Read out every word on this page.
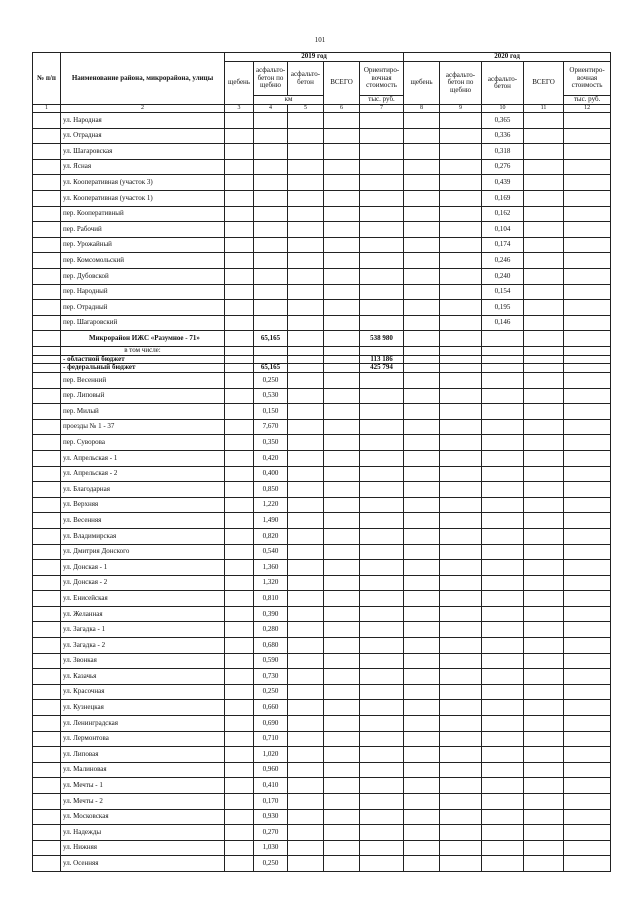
101
№ п/п	Наименование района, микрорайона, улицы	2019 год					2020 год				
		щебень	асфальто-бетон по щебню	асфальто-бетон	ВСЕГО	Ориентиро-вочная стоимость	щебень	асфальто-бетон по щебню	асфальто-бетон	ВСЕГО	Ориентиро-вочная стоимость
			км			тыс. руб.					тыс. руб.
1	2	3	4	5	6	7	8	9	10	11	12
	ул. Народная								0,365		
	ул. Отрадная								0,336		
	ул. Шагаровская								0,318		
	ул. Ясная								0,276		
	ул. Кооперативная (участок 3)								0,439		
	ул. Кооперативная (участок 1)								0,169		
	пер. Кооперативный								0,162		
	пер. Рабочий								0,104		
	пер. Урожайный								0,174		
	пер. Комсомольский								0,246		
	пер. Дубовской								0,240		
	пер. Народный								0,154		
	пер. Отрадный								0,195		
	пер. Шагаровский								0,146		
	Микрорайон ИЖС «Разумное - 71»		65,165			538 980					
	в том числе:										
	- областной бюджет					113 186					
	- федеральный бюджет		65,165			425 794					
	пер. Весенний		0,250								
	пер. Липовый		0,530								
	пер. Милый		0,150								
	проезды № 1 - 37		7,670								
	пер. Суворова		0,350								
	ул. Апрельская - 1		0,420								
	ул. Апрельская - 2		0,400								
	ул. Благодарная		0,850								
	ул. Верхняя		1,220								
	ул. Весенняя		1,490								
	ул. Владимирская		0,820								
	ул. Дмитрия Донского		0,540								
	ул. Донская - 1		1,360								
	ул. Донская - 2		1,320								
	ул. Енисейская		0,810								
	ул. Желанная		0,390								
	ул. Загадка - 1		0,280								
	ул. Загадка - 2		0,680								
	ул. Звонкая		0,590								
	ул. Казачья		0,730								
	ул. Красочная		0,250								
	ул. Кузнецкая		0,660								
	ул. Ленинградская		0,690								
	ул. Лермонтова		0,710								
	ул. Липовая		1,020								
	ул. Малиновая		0,960								
	ул. Мечты - 1		0,410								
	ул. Мечты - 2		0,170								
	ул. Московская		0,930								
	ул. Надежды		0,270								
	ул. Нижняя		1,030								
	ул. Осенняя		0,250								
